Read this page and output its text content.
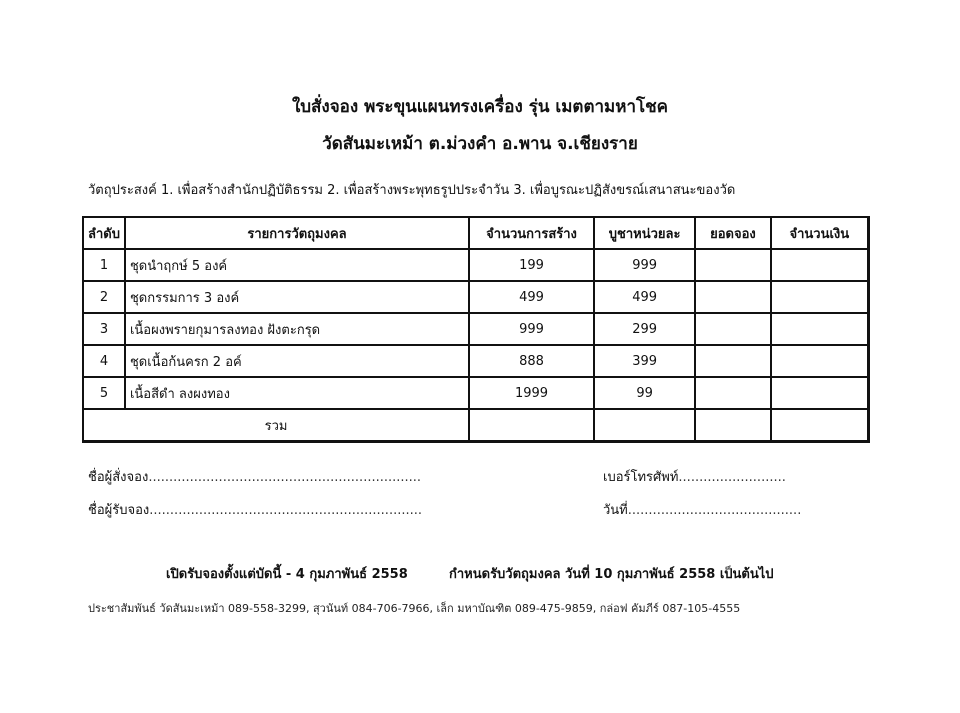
ใบสั่งจอง พระขุนแผนทรงเครื่อง รุ่น เมตตามหาโชค
วัดสันมะเหม้า ต.ม่วงคำ อ.พาน จ.เชียงราย
วัตถุประสงค์ 1. เพื่อสร้างสำนักปฏิบัติธรรม 2. เพื่อสร้างพระพุทธรูปประจำวัน 3. เพื่อบูรณะปฏิสังขรณ์เสนาสนะของวัด
ลำดับ	รายการวัตถุมงคล	จำนวนการสร้าง	บูชาหน่วยละ	ยอดจอง	จำนวนเงิน
1	ชุดนำฤกษ์ 5 องค์	199	999		
2	ชุดกรรมการ 3 องค์	499	499		
3	เนื้อผงพรายกุมารลงทอง ฝังตะกรุด	999	299		
4	ชุดเนื้อก้นครก 2 อค์	888	399		
5	เนื้อสีดำ ลงผงทอง	1999	99		
รวม					
ชื่อผู้สั่งจอง..................................................................	เบอร์โทรศัพท์..........................
ชื่อผู้รับจอง..................................................................	วันที่..........................................
เปิดรับจองตั้งแต่บัดนี้ - 4 กุมภาพันธ์ 2558	กำหนดรับวัตถุมงคล วันที่ 10 กุมภาพันธ์ 2558 เป็นต้นไป
ประชาสัมพันธ์ วัดสันมะเหม้า 089-558-3299, สุวนันท์ 084-706-7966, เล็ก มหาบัณฑิต 089-475-9859, กล่อฟ คัมภีร์ 087-105-4555
